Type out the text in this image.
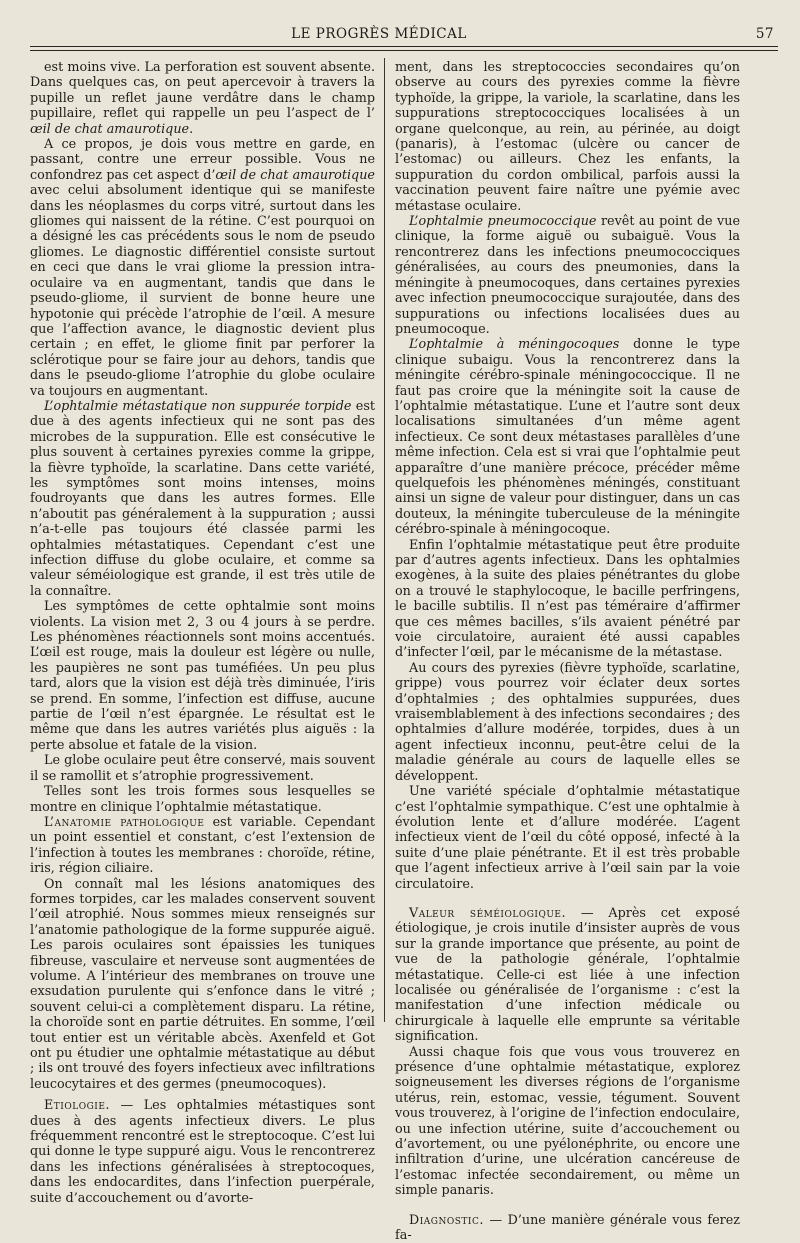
LE PROGRÈS MÉDICAL	57

est moins vive. La perforation est souvent absente. Dans quelques cas, on peut apercevoir à travers la pupille un reflet jaune verdâtre dans le champ pupillaire, reflet qui rappelle un peu l’aspect de l’ œil de chat amaurotique.

A ce propos, je dois vous mettre en garde, en passant, contre une erreur possible. Vous ne confondrez pas cet aspect d’œil de chat amaurotique avec celui absolument identique qui se manifeste dans les néoplasmes du corps vitré, surtout dans les gliomes qui naissent de la rétine. C’est pourquoi on a désigné les cas précédents sous le nom de pseudo gliomes. Le diagnostic différentiel consiste surtout en ceci que dans le vrai gliome la pression intra-oculaire va en augmentant, tandis que dans le pseudo-gliome, il survient de bonne heure une hypotonie qui précède l’atrophie de l’œil. A mesure que l’affection avance, le diagnostic devient plus certain ; en effet, le gliome finit par perforer la sclérotique pour se faire jour au dehors, tandis que dans le pseudo-gliome l’atrophie du globe oculaire va toujours en augmentant.

L’ophtalmie métastatique non suppurée torpide est due à des agents infectieux qui ne sont pas des microbes de la suppuration. Elle est consécutive le plus souvent à certaines pyrexies comme la grippe, la fièvre typhoïde, la scarlatine. Dans cette variété, les symptômes sont moins intenses, moins foudroyants que dans les autres formes. Elle n’aboutit pas généralement à la suppuration ; aussi n’a-t-elle pas toujours été classée parmi les ophtalmies métastatiques. Cependant c’est une infection diffuse du globe oculaire, et comme sa valeur séméiologique est grande, il est très utile de la connaître.

Les symptômes de cette ophtalmie sont moins violents. La vision met 2, 3 ou 4 jours à se perdre. Les phénomènes réactionnels sont moins accentués. L’œil est rouge, mais la douleur est légère ou nulle, les paupières ne sont pas tuméfiées. Un peu plus tard, alors que la vision est déjà très diminuée, l’iris se prend. En somme, l’infection est diffuse, aucune partie de l’œil n’est épargnée. Le résultat est le même que dans les autres variétés plus aiguës : la perte absolue et fatale de la vision.

Le globe oculaire peut être conservé, mais souvent il se ramollit et s’atrophie progressivement.

Telles sont les trois formes sous lesquelles se montre en clinique l’ophtalmie métastatique.

L’anatomie pathologique est variable. Cependant un point essentiel et constant, c’est l’extension de l’infection à toutes les membranes : choroïde, rétine, iris, région ciliaire.

On connaît mal les lésions anatomiques des formes torpides, car les malades conservent souvent l’œil atrophié. Nous sommes mieux renseignés sur l’anatomie pathologique de la forme suppurée aiguë. Les parois oculaires sont épaissies les tuniques fibreuse, vasculaire et nerveuse sont augmentées de volume. A l’intérieur des membranes on trouve une exsudation purulente qui s’enfonce dans le vitré ; souvent celui-ci a complètement disparu. La rétine, la choroïde sont en partie détruites. En somme, l’œil tout entier est un véritable abcès. Axenfeld et Got ont pu étudier une ophtalmie métastatique au début ; ils ont trouvé des foyers infectieux avec infiltrations leucocytaires et des germes (pneumocoques).

Etiologie. — Les ophtalmies métastiques sont dues à des agents infectieux divers. Le plus fréquemment rencontré est le streptocoque. C’est lui qui donne le type suppuré aigu. Vous le rencontrerez dans les infections généralisées à streptocoques, dans les endocardites, dans l’infection puerpérale, suite d’accouchement ou d’avorte-

ment, dans les streptococcies secondaires qu’on observe au cours des pyrexies comme la fièvre typhoïde, la grippe, la variole, la scarlatine, dans les suppurations streptococciques localisées à un organe quelconque, au rein, au périnée, au doigt (panaris), à l’estomac (ulcère ou cancer de l’estomac) ou ailleurs. Chez les enfants, la suppuration du cordon ombilical, parfois aussi la vaccination peuvent faire naître une pyémie avec métastase oculaire.

L’ophtalmie pneumococcique revêt au point de vue clinique, la forme aiguë ou subaiguë. Vous la rencontrerez dans les infections pneumococciques généralisées, au cours des pneumonies, dans la méningite à pneumocoques, dans certaines pyrexies avec infection pneumococcique surajoutée, dans des suppurations ou infections localisées dues au pneumocoque.

L’ophtalmie à méningocoques donne le type clinique subaigu. Vous la rencontrerez dans la méningite cérébro-spinale méningococcique. Il ne faut pas croire que la méningite soit la cause de l’ophtalmie métastatique. L’une et l’autre sont deux localisations simultanées d’un même agent infectieux. Ce sont deux métastases parallèles d’une même infection. Cela est si vrai que l’ophtalmie peut apparaître d’une manière précoce, précéder même quelquefois les phénomènes méningés, constituant ainsi un signe de valeur pour distinguer, dans un cas douteux, la méningite tuberculeuse de la méningite cérébro-spinale à méningocoque.

Enfin l’ophtalmie métastatique peut être produite par d’autres agents infectieux. Dans les ophtalmies exogènes, à la suite des plaies pénétrantes du globe on a trouvé le staphylocoque, le bacille perfringens, le bacille subtilis. Il n’est pas téméraire d’affirmer que ces mêmes bacilles, s’ils avaient pénétré par voie circulatoire, auraient été aussi capables d’infecter l’œil, par le mécanisme de la métastase.

Au cours des pyrexies (fièvre typhoïde, scarlatine, grippe) vous pourrez voir éclater deux sortes d’ophtalmies ; des ophtalmies suppurées, dues vraisemblablement à des infections secondaires ; des ophtalmies d’allure modérée, torpides, dues à un agent infectieux inconnu, peut-être celui de la maladie générale au cours de laquelle elles se développent.

Une variété spéciale d’ophtalmie métastatique c’est l’ophtalmie sympathique. C’est une ophtalmie à évolution lente et d’allure modérée. L’agent infectieux vient de l’œil du côté opposé, infecté à la suite d’une plaie pénétrante. Et il est très probable que l’agent infectieux arrive à l’œil sain par la voie circulatoire.

Valeur séméiologique. — Après cet exposé étiologique, je crois inutile d’insister auprès de vous sur la grande importance que présente, au point de vue de la pathologie générale, l’ophtalmie métastatique. Celle-ci est liée à une infection localisée ou généralisée de l’organisme : c’est la manifestation d’une infection médicale ou chirurgicale à laquelle elle emprunte sa véritable signification.

Aussi chaque fois que vous vous trouverez en présence d’une ophtalmie métastatique, explorez soigneusement les diverses régions de l’organisme utérus, rein, estomac, vessie, tégument. Souvent vous trouverez, à l’origine de l’infection endoculaire, ou une infection utérine, suite d’accouchement ou d’avortement, ou une pyélonéphrite, ou encore une infiltration d’urine, une ulcération cancéreuse de l’estomac infectée secondairement, ou même un simple panaris.

Diagnostic. — D’une manière générale vous ferez fa-
